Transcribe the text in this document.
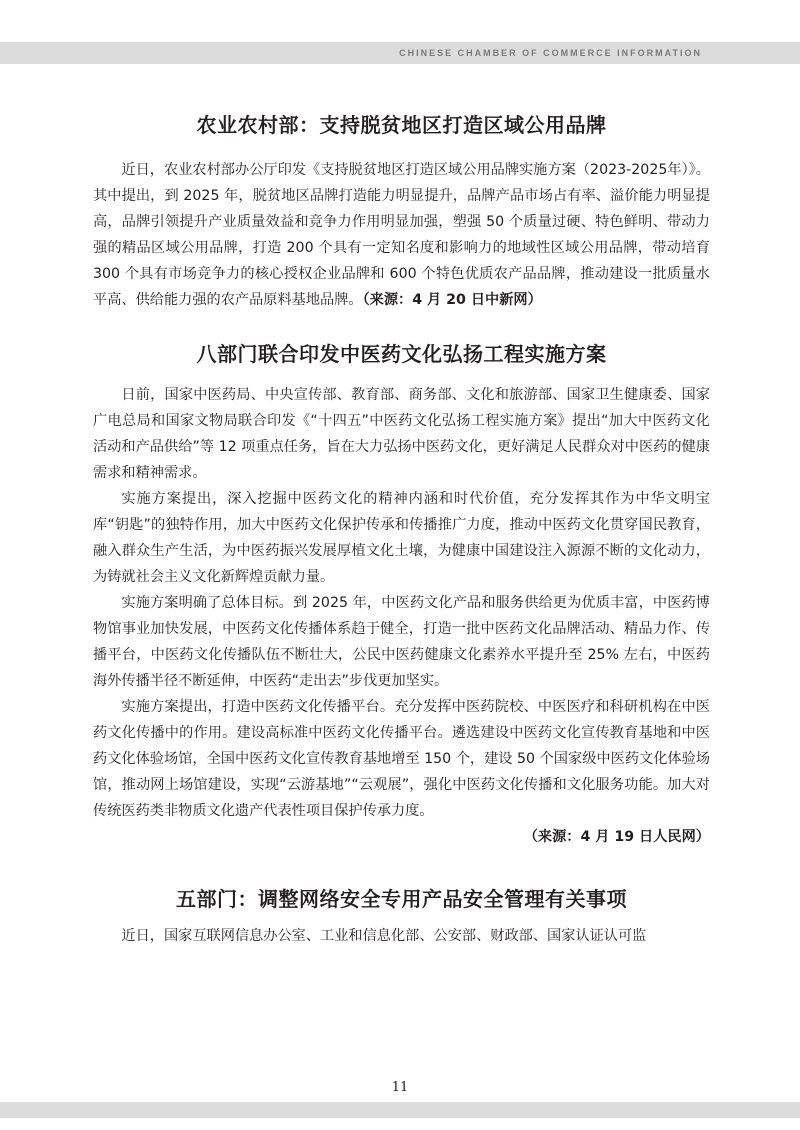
CHINESE CHAMBER OF COMMERCE INFORMATION
农业农村部：支持脱贫地区打造区域公用品牌

近日，农业农村部办公厅印发《支持脱贫地区打造区域公用品牌实施方案（2023-2025年）》。其中提出，到 2025 年，脱贫地区品牌打造能力明显提升，品牌产品市场占有率、溢价能力明显提高，品牌引领提升产业质量效益和竞争力作用明显加强，塑强 50 个质量过硬、特色鲜明、带动力强的精品区域公用品牌，打造 200 个具有一定知名度和影响力的地域性区域公用品牌，带动培育 300 个具有市场竞争力的核心授权企业品牌和 600 个特色优质农产品品牌，推动建设一批质量水平高、供给能力强的农产品原料基地品牌。（来源：4 月 20 日中新网）

八部门联合印发中医药文化弘扬工程实施方案

日前，国家中医药局、中央宣传部、教育部、商务部、文化和旅游部、国家卫生健康委、国家广电总局和国家文物局联合印发《“十四五”中医药文化弘扬工程实施方案》提出“加大中医药文化活动和产品供给”等 12 项重点任务，旨在大力弘扬中医药文化，更好满足人民群众对中医药的健康需求和精神需求。

实施方案提出，深入挖掘中医药文化的精神内涵和时代价值，充分发挥其作为中华文明宝库“钥匙”的独特作用，加大中医药文化保护传承和传播推广力度，推动中医药文化贯穿国民教育，融入群众生产生活，为中医药振兴发展厚植文化土壤，为健康中国建设注入源源不断的文化动力，为铸就社会主义文化新辉煌贡献力量。

实施方案明确了总体目标。到 2025 年，中医药文化产品和服务供给更为优质丰富，中医药博物馆事业加快发展，中医药文化传播体系趋于健全，打造一批中医药文化品牌活动、精品力作、传播平台，中医药文化传播队伍不断壮大，公民中医药健康文化素养水平提升至 25% 左右，中医药海外传播半径不断延伸，中医药“走出去”步伐更加坚实。

实施方案提出，打造中医药文化传播平台。充分发挥中医药院校、中医医疗和科研机构在中医药文化传播中的作用。建设高标准中医药文化传播平台。遴选建设中医药文化宣传教育基地和中医药文化体验场馆，全国中医药文化宣传教育基地增至 150 个，建设 50 个国家级中医药文化体验场馆，推动网上场馆建设，实现“云游基地”“云观展”，强化中医药文化传播和文化服务功能。加大对传统医药类非物质文化遗产代表性项目保护传承力度。

（来源：4 月 19 日人民网）

五部门：调整网络安全专用产品安全管理有关事项

近日，国家互联网信息办公室、工业和信息化部、公安部、财政部、国家认证认可监

11
